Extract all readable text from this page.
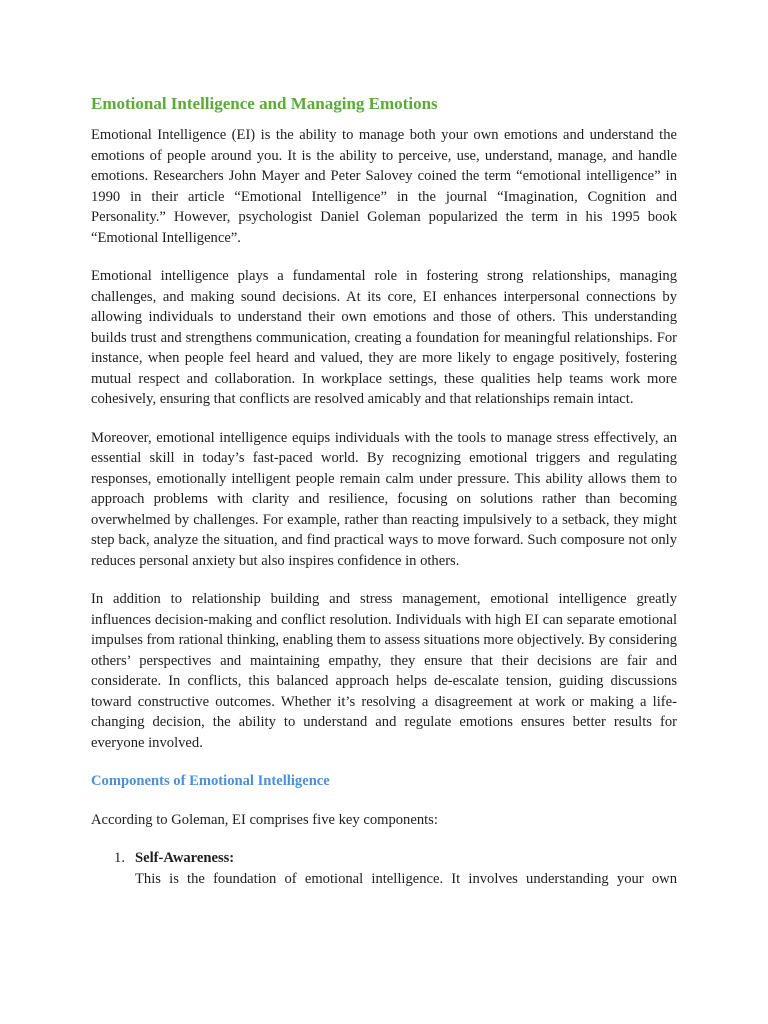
Emotional Intelligence and Managing Emotions

Emotional Intelligence (EI) is the ability to manage both your own emotions and understand the emotions of people around you. It is the ability to perceive, use, understand, manage, and handle emotions. Researchers John Mayer and Peter Salovey coined the term “emotional intelligence” in 1990 in their article “Emotional Intelligence” in the journal “Imagination, Cognition and Personality.” However, psychologist Daniel Goleman popularized the term in his 1995 book “Emotional Intelligence”.

Emotional intelligence plays a fundamental role in fostering strong relationships, managing challenges, and making sound decisions. At its core, EI enhances interpersonal connections by allowing individuals to understand their own emotions and those of others. This understanding builds trust and strengthens communication, creating a foundation for meaningful relationships. For instance, when people feel heard and valued, they are more likely to engage positively, fostering mutual respect and collaboration. In workplace settings, these qualities help teams work more cohesively, ensuring that conflicts are resolved amicably and that relationships remain intact.

Moreover, emotional intelligence equips individuals with the tools to manage stress effectively, an essential skill in today’s fast-paced world. By recognizing emotional triggers and regulating responses, emotionally intelligent people remain calm under pressure. This ability allows them to approach problems with clarity and resilience, focusing on solutions rather than becoming overwhelmed by challenges. For example, rather than reacting impulsively to a setback, they might step back, analyze the situation, and find practical ways to move forward. Such composure not only reduces personal anxiety but also inspires confidence in others.

In addition to relationship building and stress management, emotional intelligence greatly influences decision-making and conflict resolution. Individuals with high EI can separate emotional impulses from rational thinking, enabling them to assess situations more objectively. By considering others’ perspectives and maintaining empathy, they ensure that their decisions are fair and considerate. In conflicts, this balanced approach helps de-escalate tension, guiding discussions toward constructive outcomes. Whether it’s resolving a disagreement at work or making a life-changing decision, the ability to understand and regulate emotions ensures better results for everyone involved.

Components of Emotional Intelligence

According to Goleman, EI comprises five key components:

1. Self-Awareness:
This is the foundation of emotional intelligence. It involves understanding your own
